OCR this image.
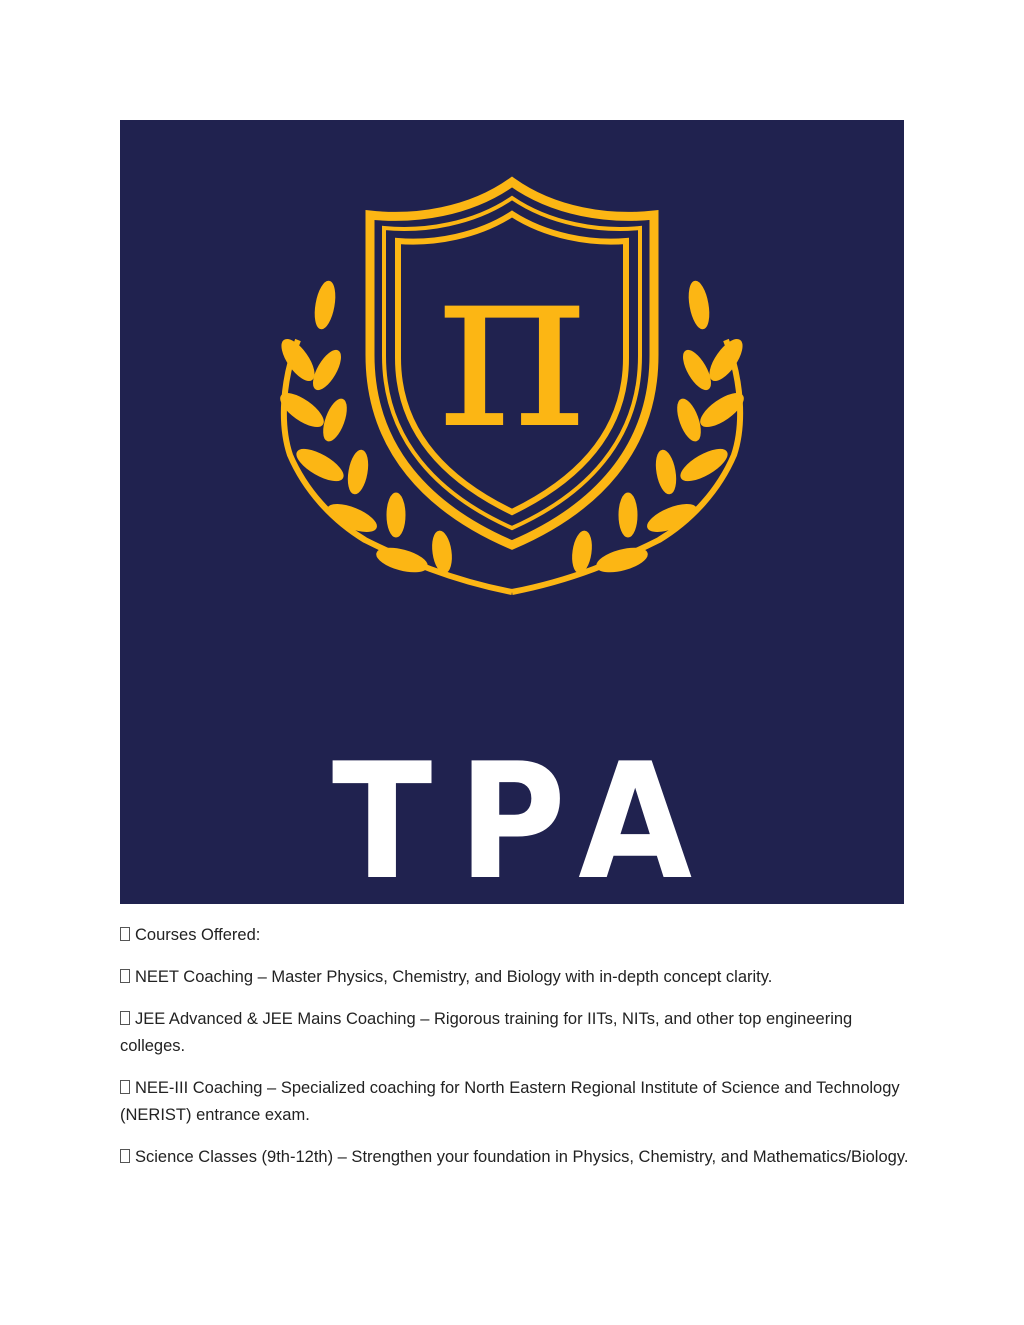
π
TPA
Nurturing Young Minds

Courses Offered:

NEET Coaching – Master Physics, Chemistry, and Biology with in-depth concept clarity.

JEE Advanced & JEE Mains Coaching – Rigorous training for IITs, NITs, and other top engineering colleges.

NEE-III Coaching – Specialized coaching for North Eastern Regional Institute of Science and Technology (NERIST) entrance exam.

Science Classes (9th-12th) – Strengthen your foundation in Physics, Chemistry, and Mathematics/Biology.
